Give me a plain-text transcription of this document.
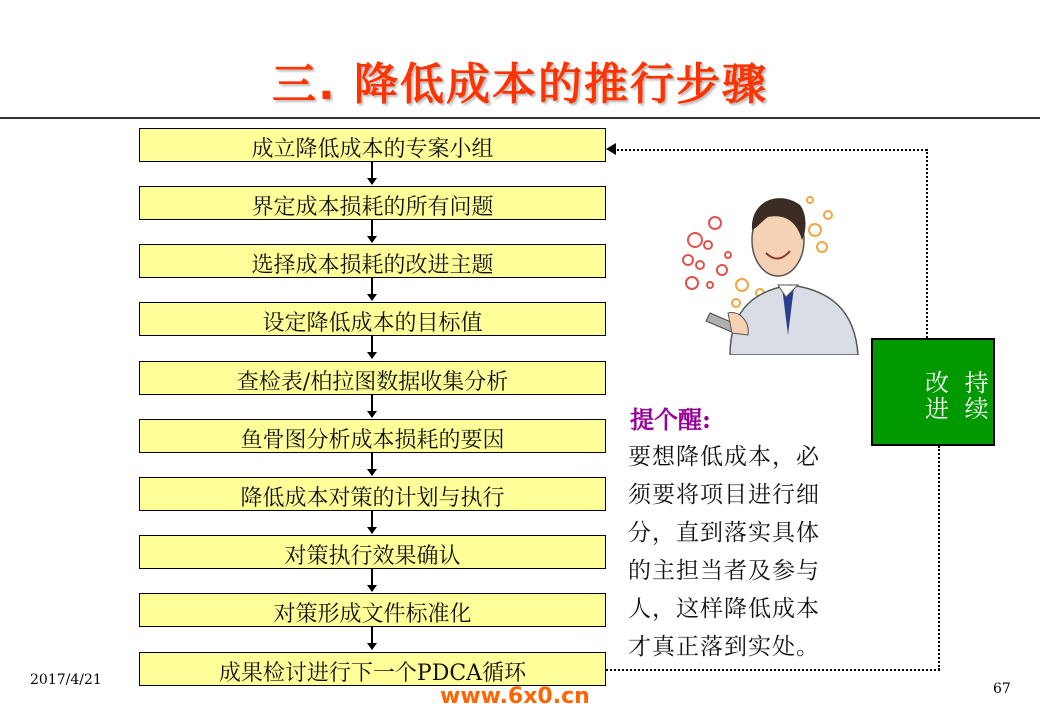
三. 降低成本的推行步骤
成立降低成本的专案小组
界定成本损耗的所有问题
选择成本损耗的改进主题
设定降低成本的目标值
查检表/柏拉图数据收集分析
鱼骨图分析成本损耗的要因
降低成本对策的计划与执行
对策执行效果确认
对策形成文件标准化
成果检讨进行下一个PDCA循环
改 持
进 续
提个醒:
要想降低成本，必
须要将项目进行细
分，直到落实具体
的主担当者及参与
人，这样降低成本
才真正落到实处。
2017/4/21
www.6x0.cn	67
